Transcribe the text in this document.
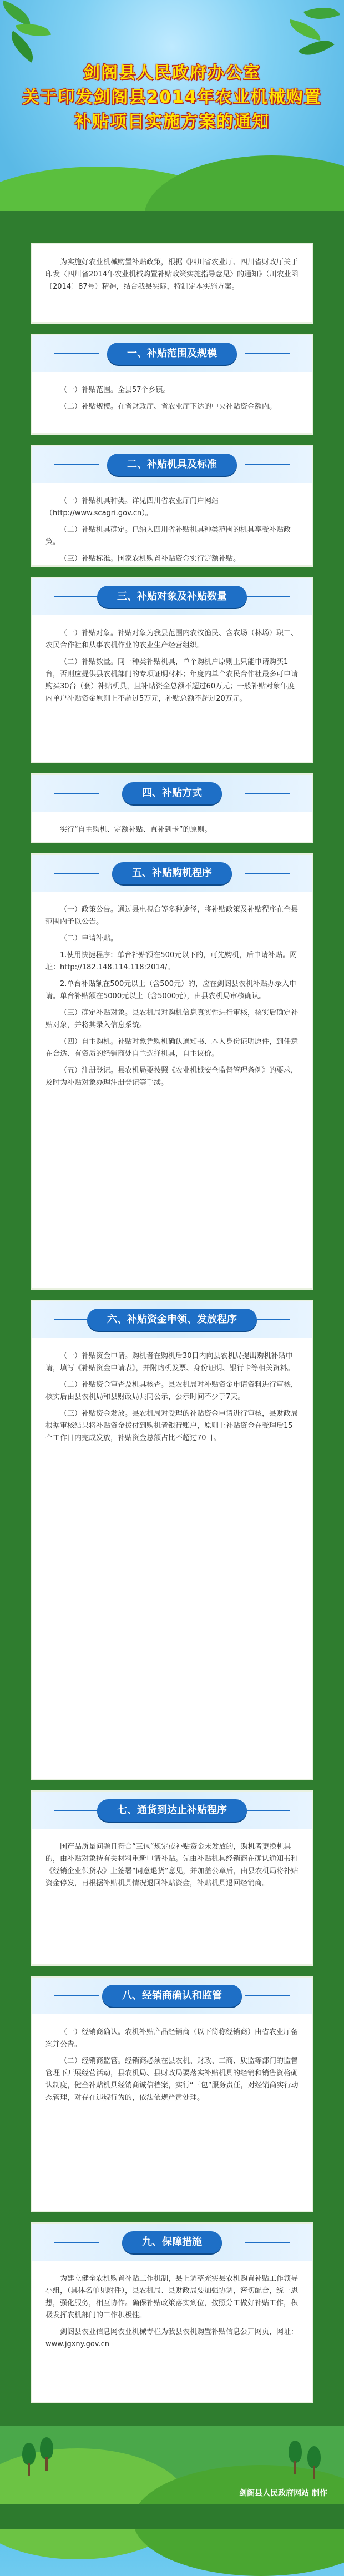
剑阁县人民政府办公室
关于印发剑阁县2014年农业机械购置
补贴项目实施方案的通知

为实施好农业机械购置补贴政策，根据《四川省农业厅、四川省财政厅关于印发〈四川省2014年农业机械购置补贴政策实施指导意见〉的通知》（川农业函〔2014〕87号）精神，结合我县实际，特制定本实施方案。

一、补贴范围及规模

（一）补贴范围。全县57个乡镇。

（二）补贴规模。在省财政厅、省农业厅下达的中央补贴资金额内。

二、补贴机具及标准

（一）补贴机具种类。详见四川省农业厅门户网站（http://www.scagri.gov.cn）。

（二）补贴机具确定。已纳入四川省补贴机具种类范围的机具享受补贴政策。

（三）补贴标准。国家农机购置补贴资金实行定额补贴。

三、补贴对象及补贴数量

（一）补贴对象。补贴对象为我县范围内农牧渔民、含农场（林场）职工、农民合作社和从事农机作业的农业生产经营组织。

（二）补贴数量。同一种类补贴机具，单个购机户原则上只能申请购买1台，否则应提供县农机部门的专项证明材料；年度内单个农民合作社最多可申请购买30台（套）补贴机具，且补贴资金总额不超过60万元；一般补贴对象年度内单户补贴资金原则上不超过5万元，补贴总额不超过20万元。

四、补贴方式

实行“自主购机、定额补贴、直补到卡”的原则。

五、补贴购机程序

（一）政策公告。通过县电视台等多种途径，将补贴政策及补贴程序在全县范围内予以公告。

（二）申请补贴。

1.使用快捷程序：单台补贴额在500元以下的，可先购机，后申请补贴。网址：http://182.148.114.118:2014/。

2.单台补贴额在500元以上（含500元）的，应在剑阁县农机补贴办录入申请。单台补贴额在5000元以上（含5000元），由县农机局审核确认。

（三）确定补贴对象。县农机局对购机信息真实性进行审核，核实后确定补贴对象，并将其录入信息系统。

（四）自主购机。补贴对象凭购机确认通知书、本人身份证明原件，到任意在合适、有资质的经销商处自主选择机具，自主议价。

（五）注册登记。县农机局要按照《农业机械安全监督管理条例》的要求，及时为补贴对象办理注册登记等手续。

六、补贴资金申领、发放程序

（一）补贴资金申请。购机者在购机后30日内向县农机局提出购机补贴申请，填写《补贴资金申请表》，并附购机发票、身份证明、银行卡等相关资料。

（二）补贴资金审查及机具核查。县农机局对补贴资金申请资料进行审核，核实后由县农机局和县财政局共同公示，公示时间不少于7天。

（三）补贴资金发放。县农机局对受理的补贴资金申请进行审核，县财政局根据审核结果将补贴资金拨付到购机者银行账户，原则上补贴资金在受理后15个工作日内完成发放，补贴资金总额占比不超过70日。

七、通货到达止补贴程序

国产品质量问题且符合“三包”规定或补贴资金未发放的，购机者更换机具的，由补贴对象持有关材料重新申请补贴。先由补贴机具经销商在确认通知书和《经销企业供货表》上签署“同意退货”意见，并加盖公章后，由县农机局将补贴资金停发，再根据补贴机具情况退回补贴资金，补贴机具退回经销商。

八、经销商确认和监管

（一）经销商确认。农机补贴产品经销商（以下简称经销商）由省农业厅备案并公告。

（二）经销商监管。经销商必须在县农机、财政、工商、质监等部门的监督管理下开展经营活动，县农机局、县财政局要落实补贴机具的经销和销售资格确认制度，健全补贴机具经销商诚信档案，实行“三包”服务责任，对经销商实行动态管理，对存在违规行为的，依法依规严肃处理。

九、保障措施

为建立健全农机购置补贴工作机制，县上调整充实县农机购置补贴工作领导小组，（具体名单见附件），县农机局、县财政局要加强协调，密切配合，统一思想，强化服务，相互协作。确保补贴政策落实到位，按照分工做好补贴工作，积极发挥农机部门的工作积极性。

剑阁县农业信息网农业机械专栏为我县农机购置补贴信息公开网页，网址：www.jgxny.gov.cn

剑阁县人民政府网站 制作
